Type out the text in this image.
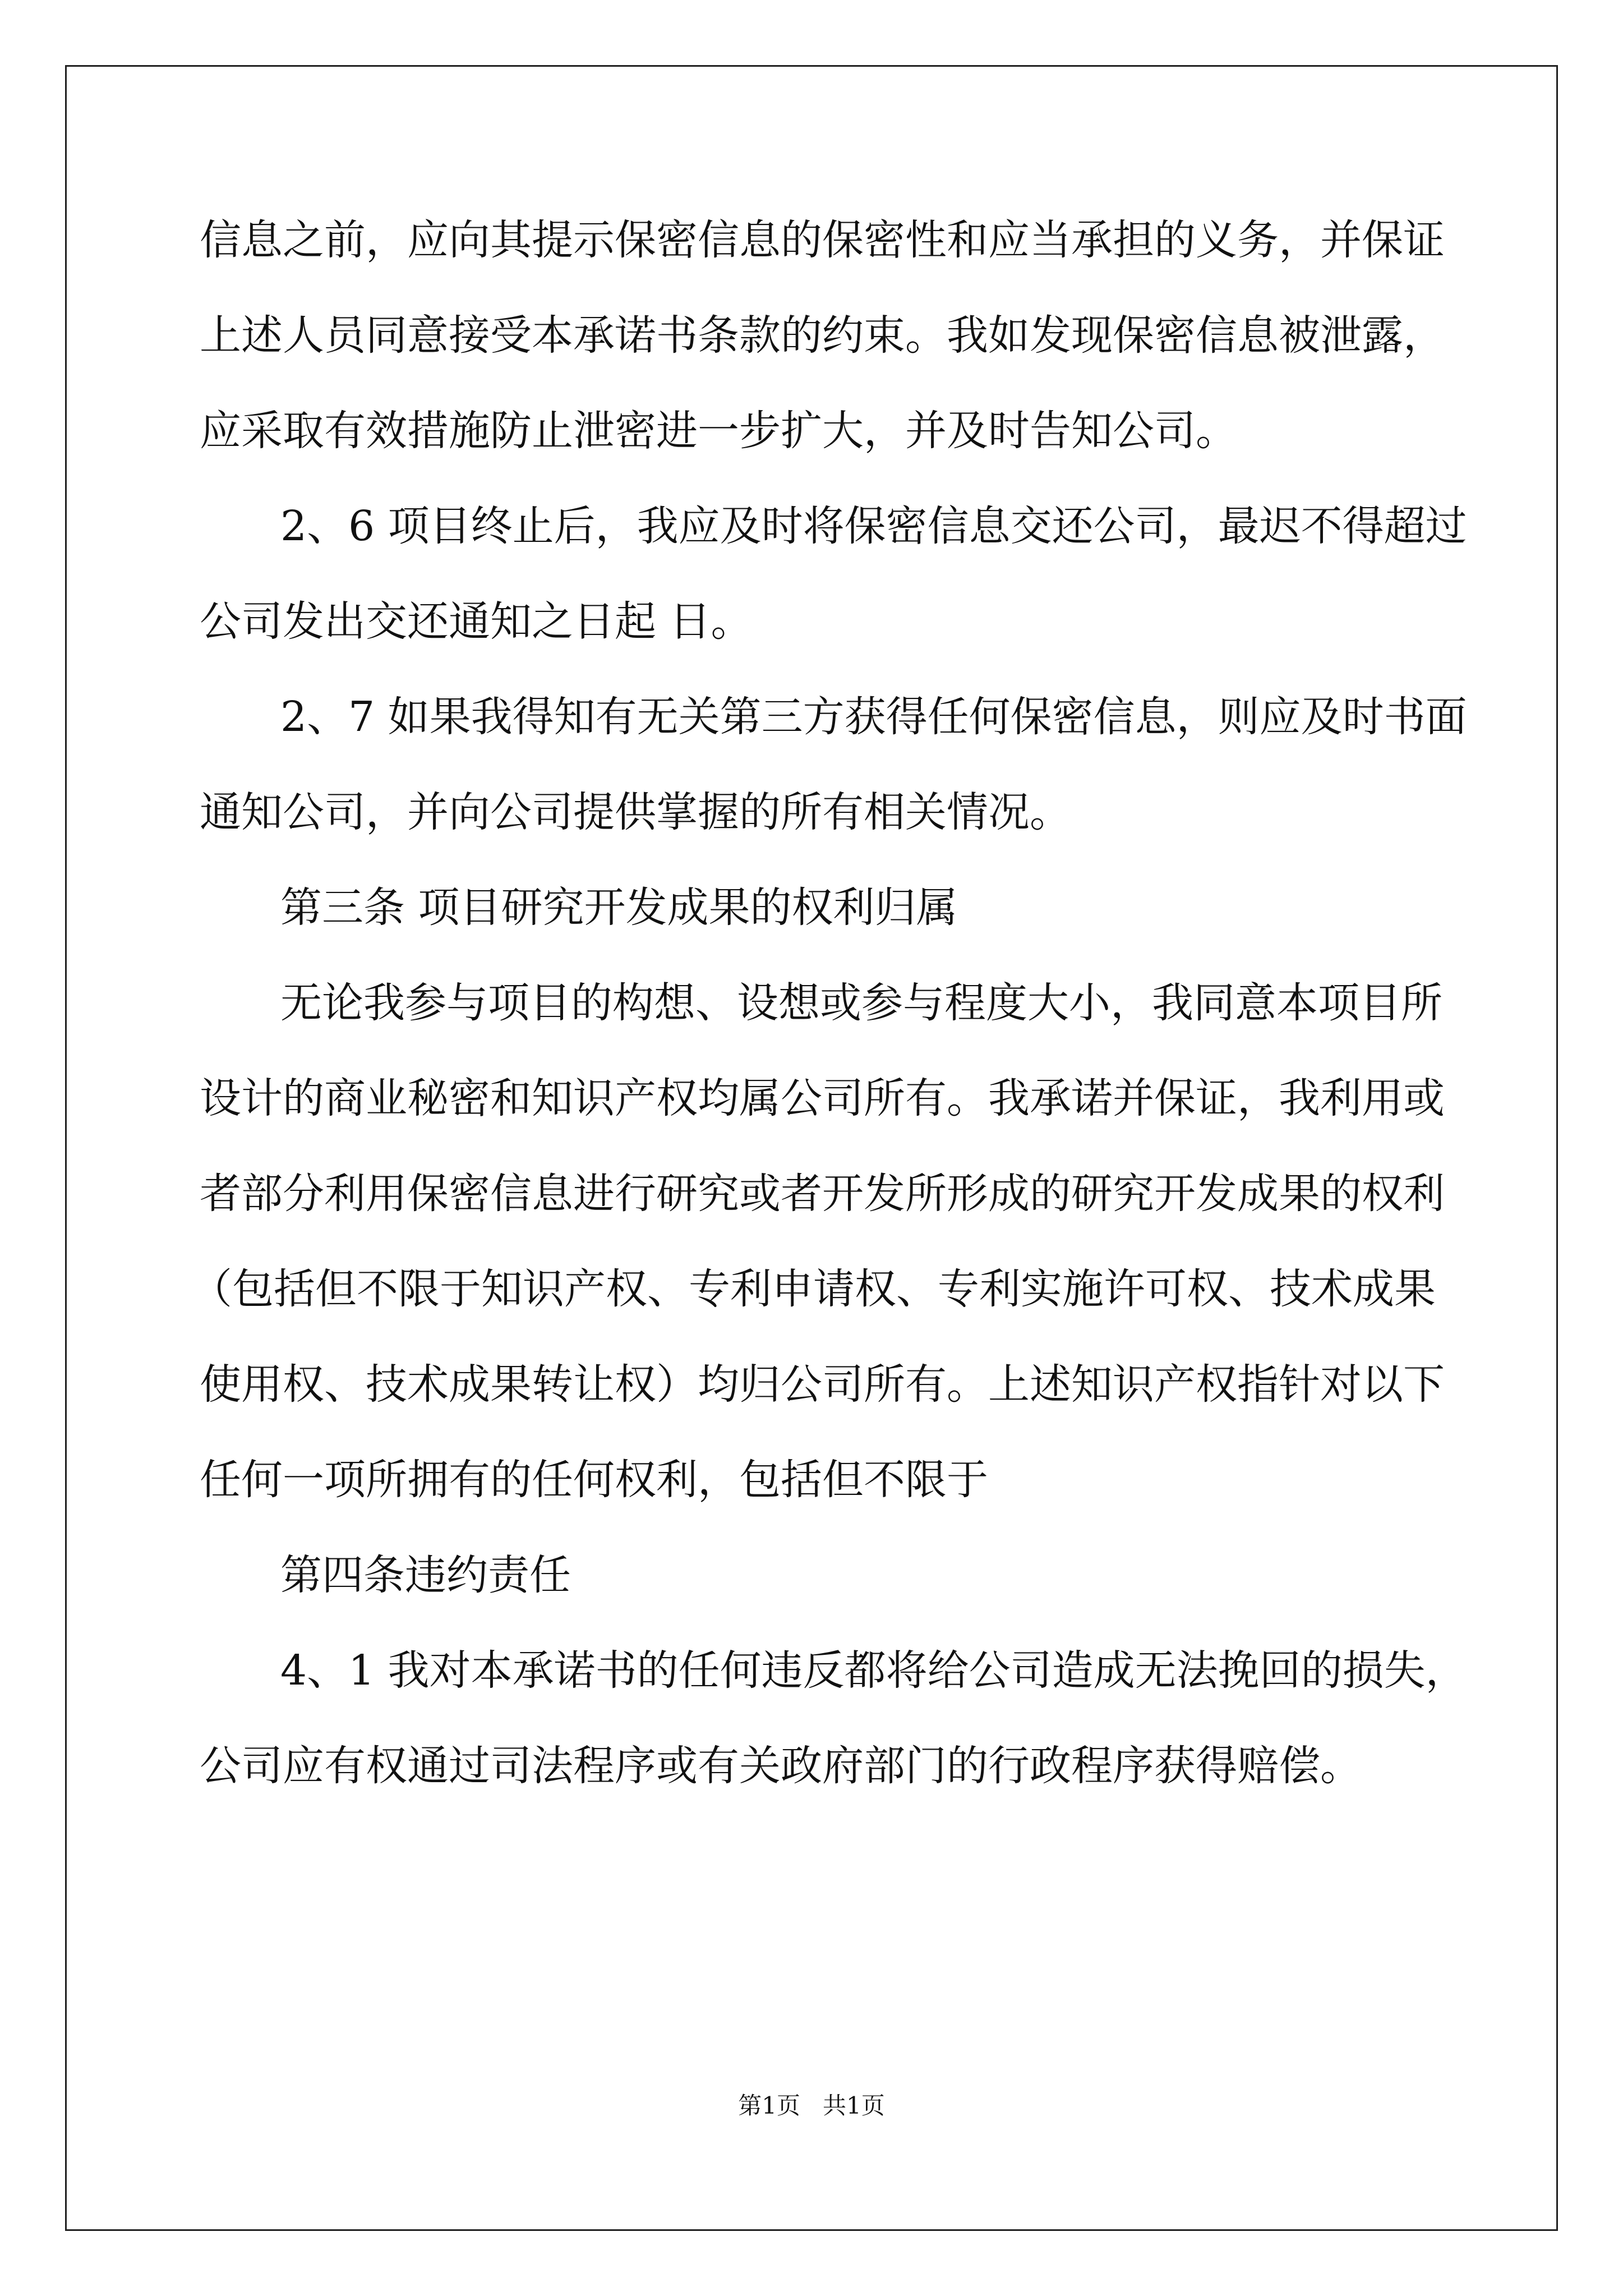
信息之前，应向其提示保密信息的保密性和应当承担的义务，并保证
上述人员同意接受本承诺书条款的约束。我如发现保密信息被泄露，
应采取有效措施防止泄密进一步扩大，并及时告知公司。
2、6 项目终止后，我应及时将保密信息交还公司，最迟不得超过
公司发出交还通知之日起 日。
2、7 如果我得知有无关第三方获得任何保密信息，则应及时书面
通知公司，并向公司提供掌握的所有相关情况。
第三条 项目研究开发成果的权利归属
无论我参与项目的构想、设想或参与程度大小，我同意本项目所
设计的商业秘密和知识产权均属公司所有。我承诺并保证，我利用或
者部分利用保密信息进行研究或者开发所形成的研究开发成果的权利
（包括但不限于知识产权、专利申请权、专利实施许可权、技术成果
使用权、技术成果转让权）均归公司所有。上述知识产权指针对以下
任何一项所拥有的任何权利，包括但不限于
第四条违约责任
4、1 我对本承诺书的任何违反都将给公司造成无法挽回的损失，
公司应有权通过司法程序或有关政府部门的行政程序获得赔偿。
第1页   共1页
